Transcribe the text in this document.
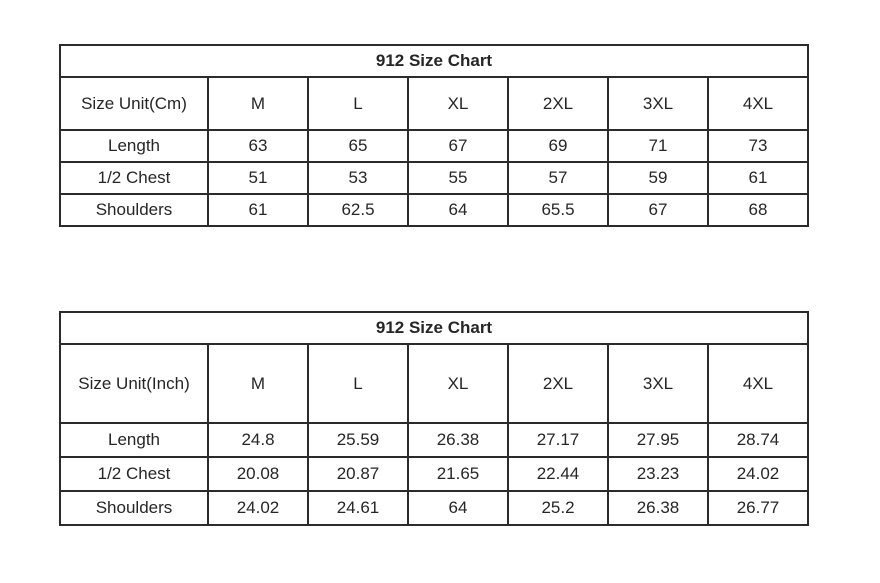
912 Size Chart						
Size Unit(Cm)	M	L	XL	2XL	3XL	4XL
Length	63	65	67	69	71	73
1/2 Chest	51	53	55	57	59	61
Shoulders	61	62.5	64	65.5	67	68
912 Size Chart						
Size Unit(Inch)	M	L	XL	2XL	3XL	4XL
Length	24.8	25.59	26.38	27.17	27.95	28.74
1/2 Chest	20.08	20.87	21.65	22.44	23.23	24.02
Shoulders	24.02	24.61	64	25.2	26.38	26.77
